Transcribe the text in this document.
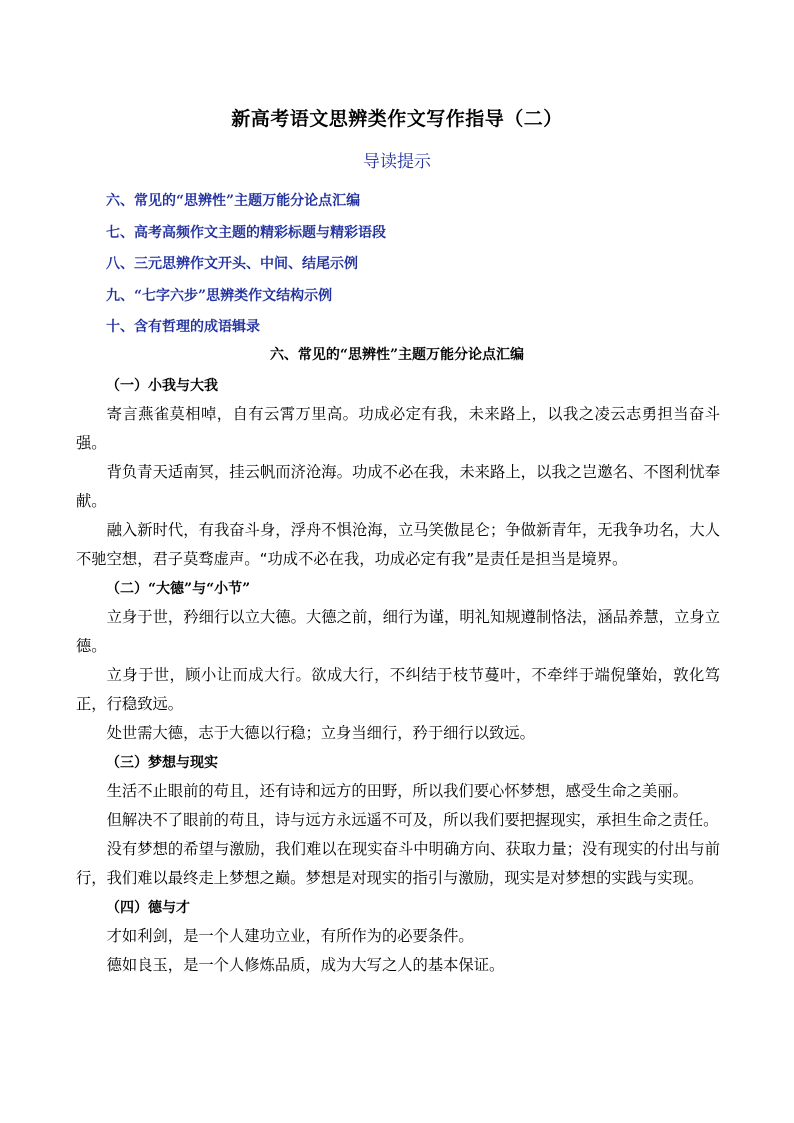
新高考语文思辨类作文写作指导（二）
导读提示
六、常见的“思辨性”主题万能分论点汇编
七、高考高频作文主题的精彩标题与精彩语段
八、三元思辨作文开头、中间、结尾示例
九、“七字六步”思辨类作文结构示例
十、含有哲理的成语辑录
六、常见的“思辨性”主题万能分论点汇编
（一）小我与大我

寄言燕雀莫相啅，自有云霄万里高。功成必定有我，未来路上，以我之凌云志勇担当奋斗强。

背负青天适南冥，挂云帆而济沧海。功成不必在我，未来路上，以我之岂邀名、不图利忧奉献。

融入新时代，有我奋斗身，浮舟不惧沧海，立马笑傲昆仑；争做新青年，无我争功名，大人不驰空想，君子莫骛虚声。“功成不必在我，功成必定有我”是责任是担当是境界。

（二）“大德”与“小节”

立身于世，矜细行以立大德。大德之前，细行为谨，明礼知规遵制恪法，涵品养慧，立身立德。

立身于世，顾小让而成大行。欲成大行，不纠结于枝节蔓叶，不牵绊于端倪肇始，敦化笃正，行稳致远。

处世需大德，志于大德以行稳；立身当细行，矜于细行以致远。

（三）梦想与现实

生活不止眼前的苟且，还有诗和远方的田野，所以我们要心怀梦想，感受生命之美丽。

但解决不了眼前的苟且，诗与远方永远遥不可及，所以我们要把握现实，承担生命之责任。

没有梦想的希望与激励，我们难以在现实奋斗中明确方向、获取力量；没有现实的付出与前行，我们难以最终走上梦想之巅。梦想是对现实的指引与激励，现实是对梦想的实践与实现。

（四）德与才

才如利剑，是一个人建功立业，有所作为的必要条件。

德如良玉，是一个人修炼品质，成为大写之人的基本保证。
